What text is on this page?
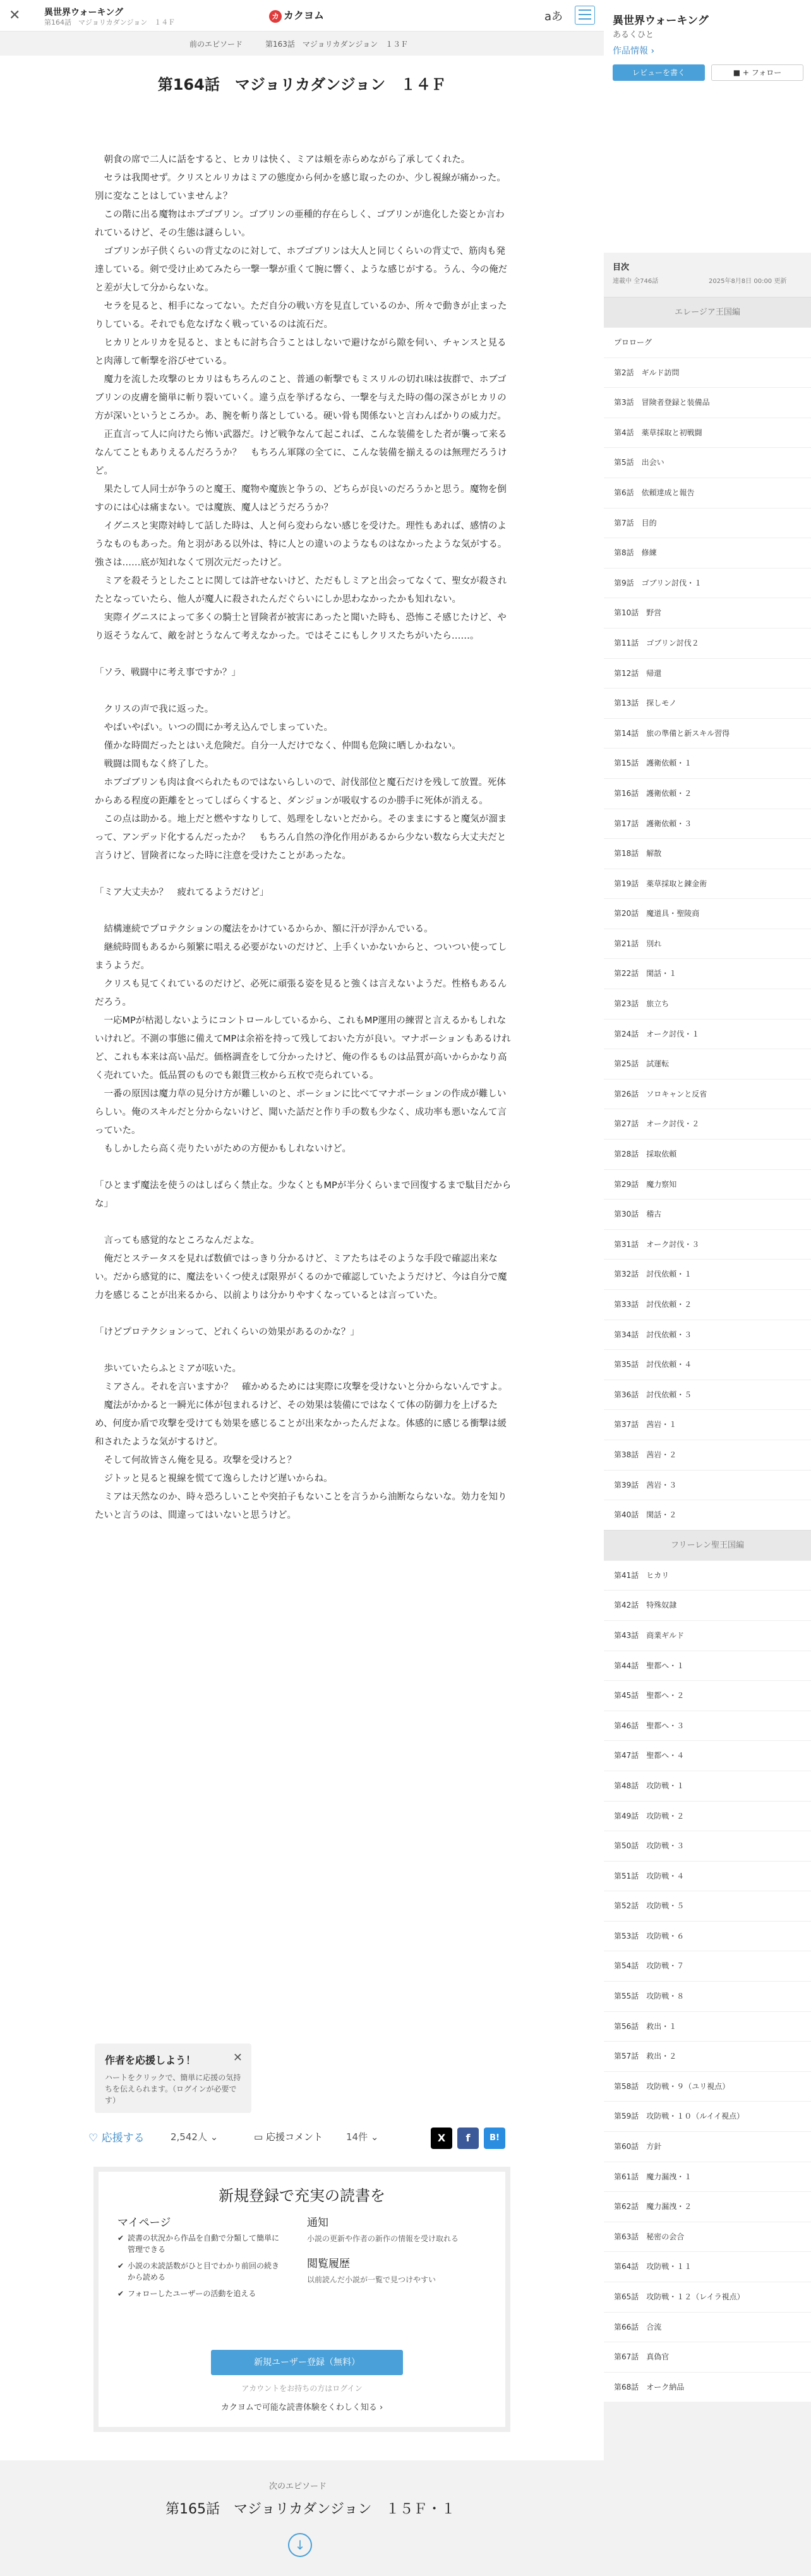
✕	異世界ウォーキング
第164話　マジョリカダンジョン　１４Ｆ
カ カクヨム	aあ
前のエピソード	第163話　マジョリカダンジョン　１３Ｆ
第164話　マジョリカダンジョン　１４Ｆ

　朝食の席で二人に話をすると、ヒカリは快く、ミアは頬を赤らめながら了承してくれた。

　セラは我関せず。クリスとルリカはミアの態度から何かを感じ取ったのか、少し視線が痛かった。別に変なことはしていませんよ？

　この階に出る魔物はホブゴブリン。ゴブリンの亜種的存在らしく、ゴブリンが進化した姿とか言われているけど、その生態は謎らしい。

　ゴブリンが子供くらいの背丈なのに対して、ホブゴブリンは大人と同じくらいの背丈で、筋肉も発達している。剣で受け止めてみたら一撃一撃が重くて腕に響く、ような感じがする。うん、今の俺だと差が大して分からないな。

　セラを見ると、相手になってない。ただ自分の戦い方を見直しているのか、所々で動きが止まったりしている。それでも危なげなく戦っているのは流石だ。

　ヒカリとルリカを見ると、まともに討ち合うことはしないで避けながら隙を伺い、チャンスと見ると肉薄して斬撃を浴びせている。

　魔力を流した攻撃のヒカリはもちろんのこと、普通の斬撃でもミスリルの切れ味は抜群で、ホブゴブリンの皮膚を簡単に斬り裂いていく。違う点を挙げるなら、一撃を与えた時の傷の深さがヒカリの方が深いというところか。あ、腕を斬り落としている。硬い骨も関係ないと言わんばかりの威力だ。

　正直言って人に向けたら怖い武器だ。けど戦争なんて起これば、こんな装備をした者が襲って来るなんてこともありえるんだろうか？　もちろん軍隊の全てに、こんな装備を揃えるのは無理だろうけど。

　果たして人同士が争うのと魔王、魔物や魔族と争うの、どちらが良いのだろうかと思う。魔物を倒すのには心は痛まない。では魔族、魔人はどうだろうか？

　イグニスと実際対峙して話した時は、人と何ら変わらない感じを受けた。理性もあれば、感情のようなものもあった。角と羽がある以外は、特に人との違いのようなものはなかったような気がする。強さは……底が知れなくて別次元だったけど。

　ミアを殺そうとしたことに関しては許せないけど、ただもしミアと出会ってなくて、聖女が殺されたとなっていたら、他人が魔人に殺されたんだぐらいにしか思わなかったかも知れない。

　実際イグニスによって多くの騎士と冒険者が被害にあったと聞いた時も、恐怖こそ感じたけど、やり返そうなんて、敵を討とうなんて考えなかった。ではそこにもしクリスたちがいたら……。

「ソラ、戦闘中に考え事ですか？」

　クリスの声で我に返った。

　やばいやばい。いつの間にか考え込んでしまっていた。

　僅かな時間だったとはいえ危険だ。自分一人だけでなく、仲間も危険に晒しかねない。

　戦闘は間もなく終了した。

　ホブゴブリンも肉は食べられたものではないらしいので、討伐部位と魔石だけを残して放置。死体からある程度の距離をとってしばらくすると、ダンジョンが吸収するのか勝手に死体が消える。

　この点は助かる。地上だと燃やすなりして、処理をしないとだから。そのままにすると魔気が溜まって、アンデッド化するんだったか？　もちろん自然の浄化作用があるから少ない数なら大丈夫だと言うけど、冒険者になった時に注意を受けたことがあったな。

「ミア大丈夫か？　疲れてるようだけど」

　結構連続でプロテクションの魔法をかけているからか、額に汗が浮かんでいる。

　継続時間もあるから頻繁に唱える必要がないのだけど、上手くいかないからと、ついつい使ってしまうようだ。

　クリスも見てくれているのだけど、必死に頑張る姿を見ると強くは言えないようだ。性格もあるんだろう。

　一応MPが枯渇しないようにコントロールしているから、これもMP運用の練習と言えるかもしれないけれど。不測の事態に備えてMPは余裕を持って残しておいた方が良い。マナポーションもあるけれど、これも本来は高い品だ。価格調査をして分かったけど、俺の作るものは品質が高いからかなり高く売れていた。低品質のものでも銀貨三枚から五枚で売られている。

　一番の原因は魔力草の見分け方が難しいのと、ポーションに比べてマナポーションの作成が難しいらしい。俺のスキルだと分からないけど、聞いた話だと作り手の数も少なく、成功率も悪いなんて言っていた。

　もしかしたら高く売りたいがための方便かもしれないけど。

「ひとまず魔法を使うのはしばらく禁止な。少なくともMPが半分くらいまで回復するまで駄目だからな」

　言っても感覚的なところなんだよな。

　俺だとステータスを見れば数値ではっきり分かるけど、ミアたちはそのような手段で確認出来ない。だから感覚的に、魔法をいくつ使えば限界がくるのかで確認していたようだけど、今は自分で魔力を感じることが出来るから、以前よりは分かりやすくなっているとは言っていた。

「けどプロテクションって、どれくらいの効果があるのかな？」

　歩いていたらふとミアが呟いた。

　ミアさん。それを言いますか？　確かめるためには実際に攻撃を受けないと分からないんですよ。

　魔法がかかると一瞬光に体が包まれるけど、その効果は装備にではなくて体の防御力を上げるため、何度か盾で攻撃を受けても効果を感じることが出来なかったんだよな。体感的に感じる衝撃は緩和されたような気がするけど。

　そして何故皆さん俺を見る。攻撃を受けろと？

　ジトッと見ると視線を慌てて逸らしたけど遅いからね。

　ミアは天然なのか、時々恐ろしいことや突拍子もないことを言うから油断ならないな。効力を知りたいと言うのは、間違ってはいないと思うけど。

作者を応援しよう！	✕
ハートをクリックで、簡単に応援の気持ちを伝えられます。（ログインが必要です）
♡ 応援する	2,542人 ⌄	▭ 応援コメント 14件 ⌄	X	f	B!
新規登録で充実の読書を
マイページ
✔ 読書の状況から作品を自動で分類して簡単に管理できる
✔ 小説の未読話数がひと目でわかり前回の続きから読める
✔ フォローしたユーザーの活動を追える
通知
小説の更新や作者の新作の情報を受け取れる
閲覧履歴
以前読んだ小説が一覧で見つけやすい
新規ユーザー登録（無料）
アカウントをお持ちの方はログイン
カクヨムで可能な読書体験をくわしく知る ›
次のエピソード
第165話　マジョリカダンジョン　１５Ｆ・１
↓
異世界ウォーキング
あるくひと
作品情報 ›
レビューを書く	■ + フォロー
目次
連載中 全746話	2025年8月8日 00:00 更新
エレージア王国編
プロローグ
第2話　ギルド訪問
第3話　冒険者登録と装備品
第4話　薬草採取と初戦闘
第5話　出会い
第6話　依頼達成と報告
第7話　目的
第8話　修練
第9話　ゴブリン討伐・１
第10話　野営
第11話　ゴブリン討伐２
第12話　帰還
第13話　探しモノ
第14話　旅の準備と新スキル習得
第15話　護衛依頼・１
第16話　護衛依頼・２
第17話　護衛依頼・３
第18話　解散
第19話　薬草採取と錬金術
第20話　魔道具・聖陵商
第21話　別れ
第22話　閑話・１
第23話　旅立ち
第24話　オーク討伐・１
第25話　試運転
第26話　ソロキャンと反省
第27話　オーク討伐・２
第28話　採取依頼
第29話　魔力察知
第30話　稽古
第31話　オーク討伐・３
第32話　討伐依頼・１
第33話　討伐依頼・２
第34話　討伐依頼・３
第35話　討伐依頼・４
第36話　討伐依頼・５
第37話　茜岩・１
第38話　茜岩・２
第39話　茜岩・３
第40話　閑話・２
フリーレン聖王国編
第41話　ヒカリ
第42話　特殊奴隷
第43話　商業ギルド
第44話　聖都へ・１
第45話　聖都へ・２
第46話　聖都へ・３
第47話　聖都へ・４
第48話　攻防戦・１
第49話　攻防戦・２
第50話　攻防戦・３
第51話　攻防戦・４
第52話　攻防戦・５
第53話　攻防戦・６
第54話　攻防戦・７
第55話　攻防戦・８
第56話　救出・１
第57話　救出・２
第58話　攻防戦・９（ユリ視点）
第59話　攻防戦・１０（ルイイ視点）
第60話　方針
第61話　魔力漏洩・１
第62話　魔力漏洩・２
第63話　秘密の会合
第64話　攻防戦・１１
第65話　攻防戦・１２（レイラ視点）
第66話　合流
第67話　真偽官
第68話　オーク納品
